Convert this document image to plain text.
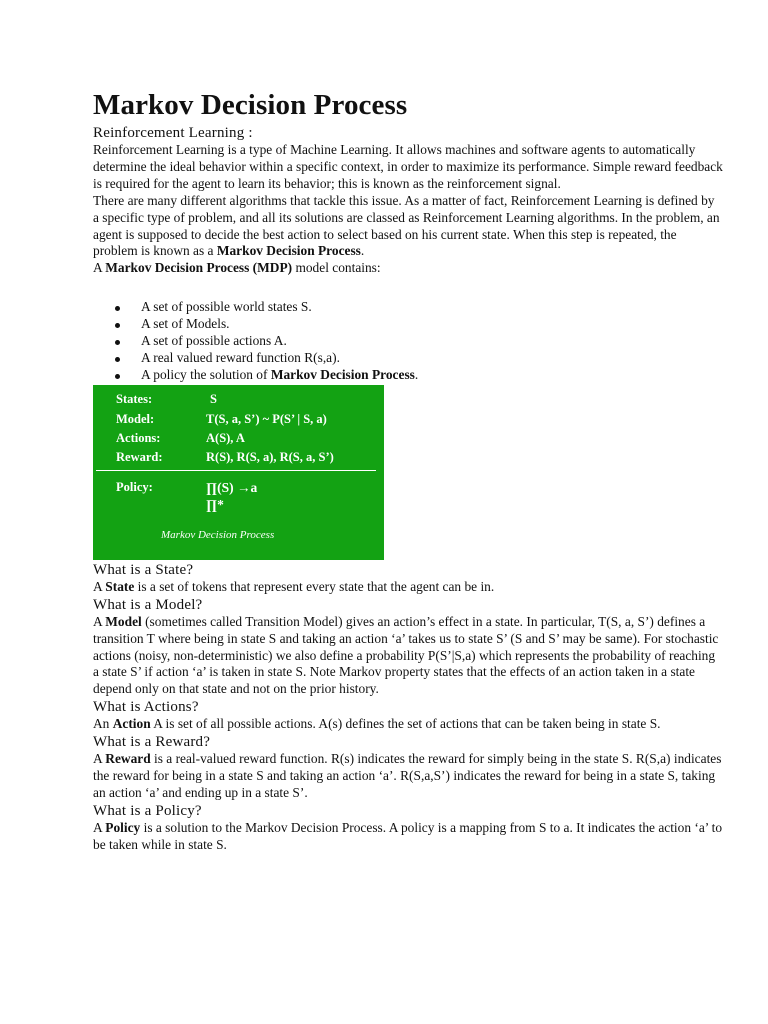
Markov Decision Process
Reinforcement Learning :

Reinforcement Learning is a type of Machine Learning. It allows machines and software agents to automatically determine the ideal behavior within a specific context, in order to maximize its performance. Simple reward feedback is required for the agent to learn its behavior; this is known as the reinforcement signal.

There are many different algorithms that tackle this issue. As a matter of fact, Reinforcement Learning is defined by a specific type of problem, and all its solutions are classed as Reinforcement Learning algorithms. In the problem, an agent is supposed to decide the best action to select based on his current state. When this step is repeated, the problem is known as a Markov Decision Process.

A Markov Decision Process (MDP) model contains:

A set of possible world states S.
A set of Models.
A set of possible actions A.
A real valued reward function R(s,a).
A policy the solution of Markov Decision Process.
States:	S
Model:	T(S, a, S’) ~ P(S’ | S, a)
Actions:	A(S), A
Reward:	R(S), R(S, a), R(S, a, S’)
Policy:	∏(S) →a
∏*
Markov Decision Process
What is a State?

A State is a set of tokens that represent every state that the agent can be in.

What is a Model?

A Model (sometimes called Transition Model) gives an action’s effect in a state. In particular, T(S, a, S’) defines a transition T where being in state S and taking an action ‘a’ takes us to state S’ (S and S’ may be same). For stochastic actions (noisy, non-deterministic) we also define a probability P(S’|S,a) which represents the probability of reaching a state S’ if action ‘a’ is taken in state S. Note Markov property states that the effects of an action taken in a state depend only on that state and not on the prior history.

What is Actions?

An Action A is set of all possible actions. A(s) defines the set of actions that can be taken being in state S.

What is a Reward?

A Reward is a real-valued reward function. R(s) indicates the reward for simply being in the state S. R(S,a) indicates the reward for being in a state S and taking an action ‘a’. R(S,a,S’) indicates the reward for being in a state S, taking an action ‘a’ and ending up in a state S’.

What is a Policy?

A Policy is a solution to the Markov Decision Process. A policy is a mapping from S to a. It indicates the action ‘a’ to be taken while in state S.
